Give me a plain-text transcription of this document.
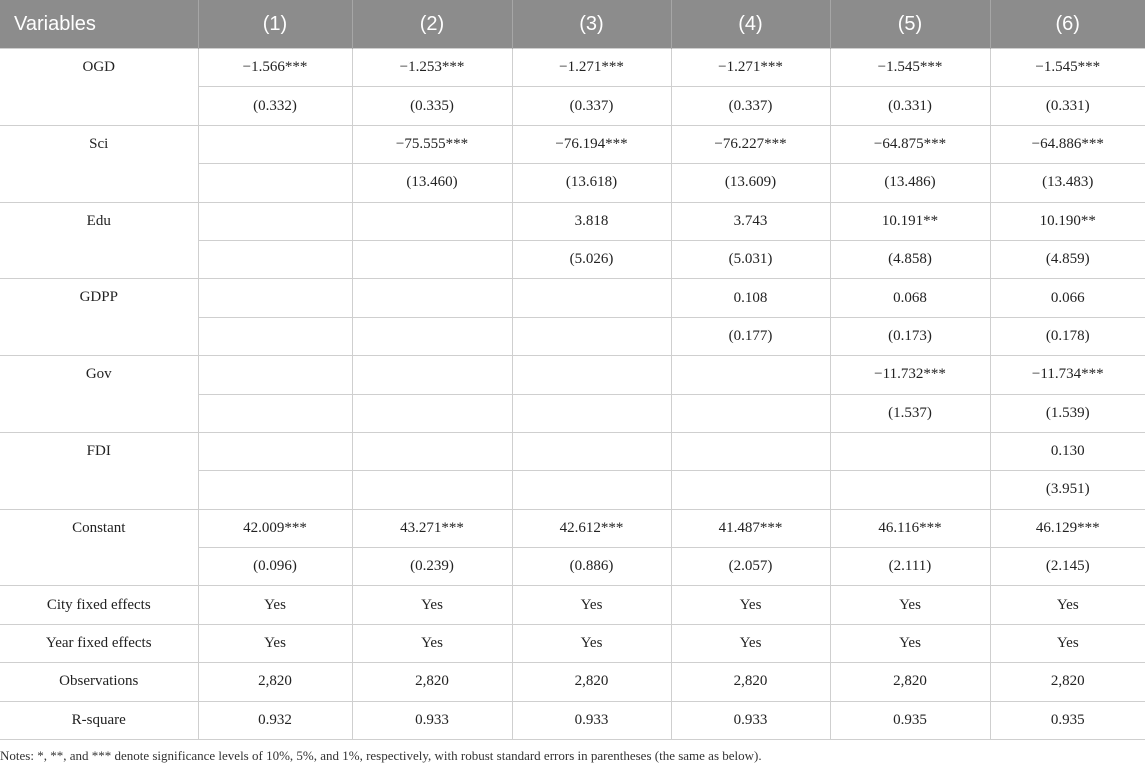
Variables	(1)	(2)	(3)	(4)	(5)	(6)
OGD	−1.566***	−1.253***	−1.271***	−1.271***	−1.545***	−1.545***
	(0.332)	(0.335)	(0.337)	(0.337)	(0.331)	(0.331)
Sci		−75.555***	−76.194***	−76.227***	−64.875***	−64.886***
		(13.460)	(13.618)	(13.609)	(13.486)	(13.483)
Edu			3.818	3.743	10.191**	10.190**
			(5.026)	(5.031)	(4.858)	(4.859)
GDPP				0.108	0.068	0.066
				(0.177)	(0.173)	(0.178)
Gov					−11.732***	−11.734***
					(1.537)	(1.539)
FDI						0.130
						(3.951)
Constant	42.009***	43.271***	42.612***	41.487***	46.116***	46.129***
	(0.096)	(0.239)	(0.886)	(2.057)	(2.111)	(2.145)
City fixed effects	Yes	Yes	Yes	Yes	Yes	Yes
Year fixed effects	Yes	Yes	Yes	Yes	Yes	Yes
Observations	2,820	2,820	2,820	2,820	2,820	2,820
R-square	0.932	0.933	0.933	0.933	0.935	0.935
Notes: *, **, and *** denote significance levels of 10%, 5%, and 1%, respectively, with robust standard errors in parentheses (the same as below).
